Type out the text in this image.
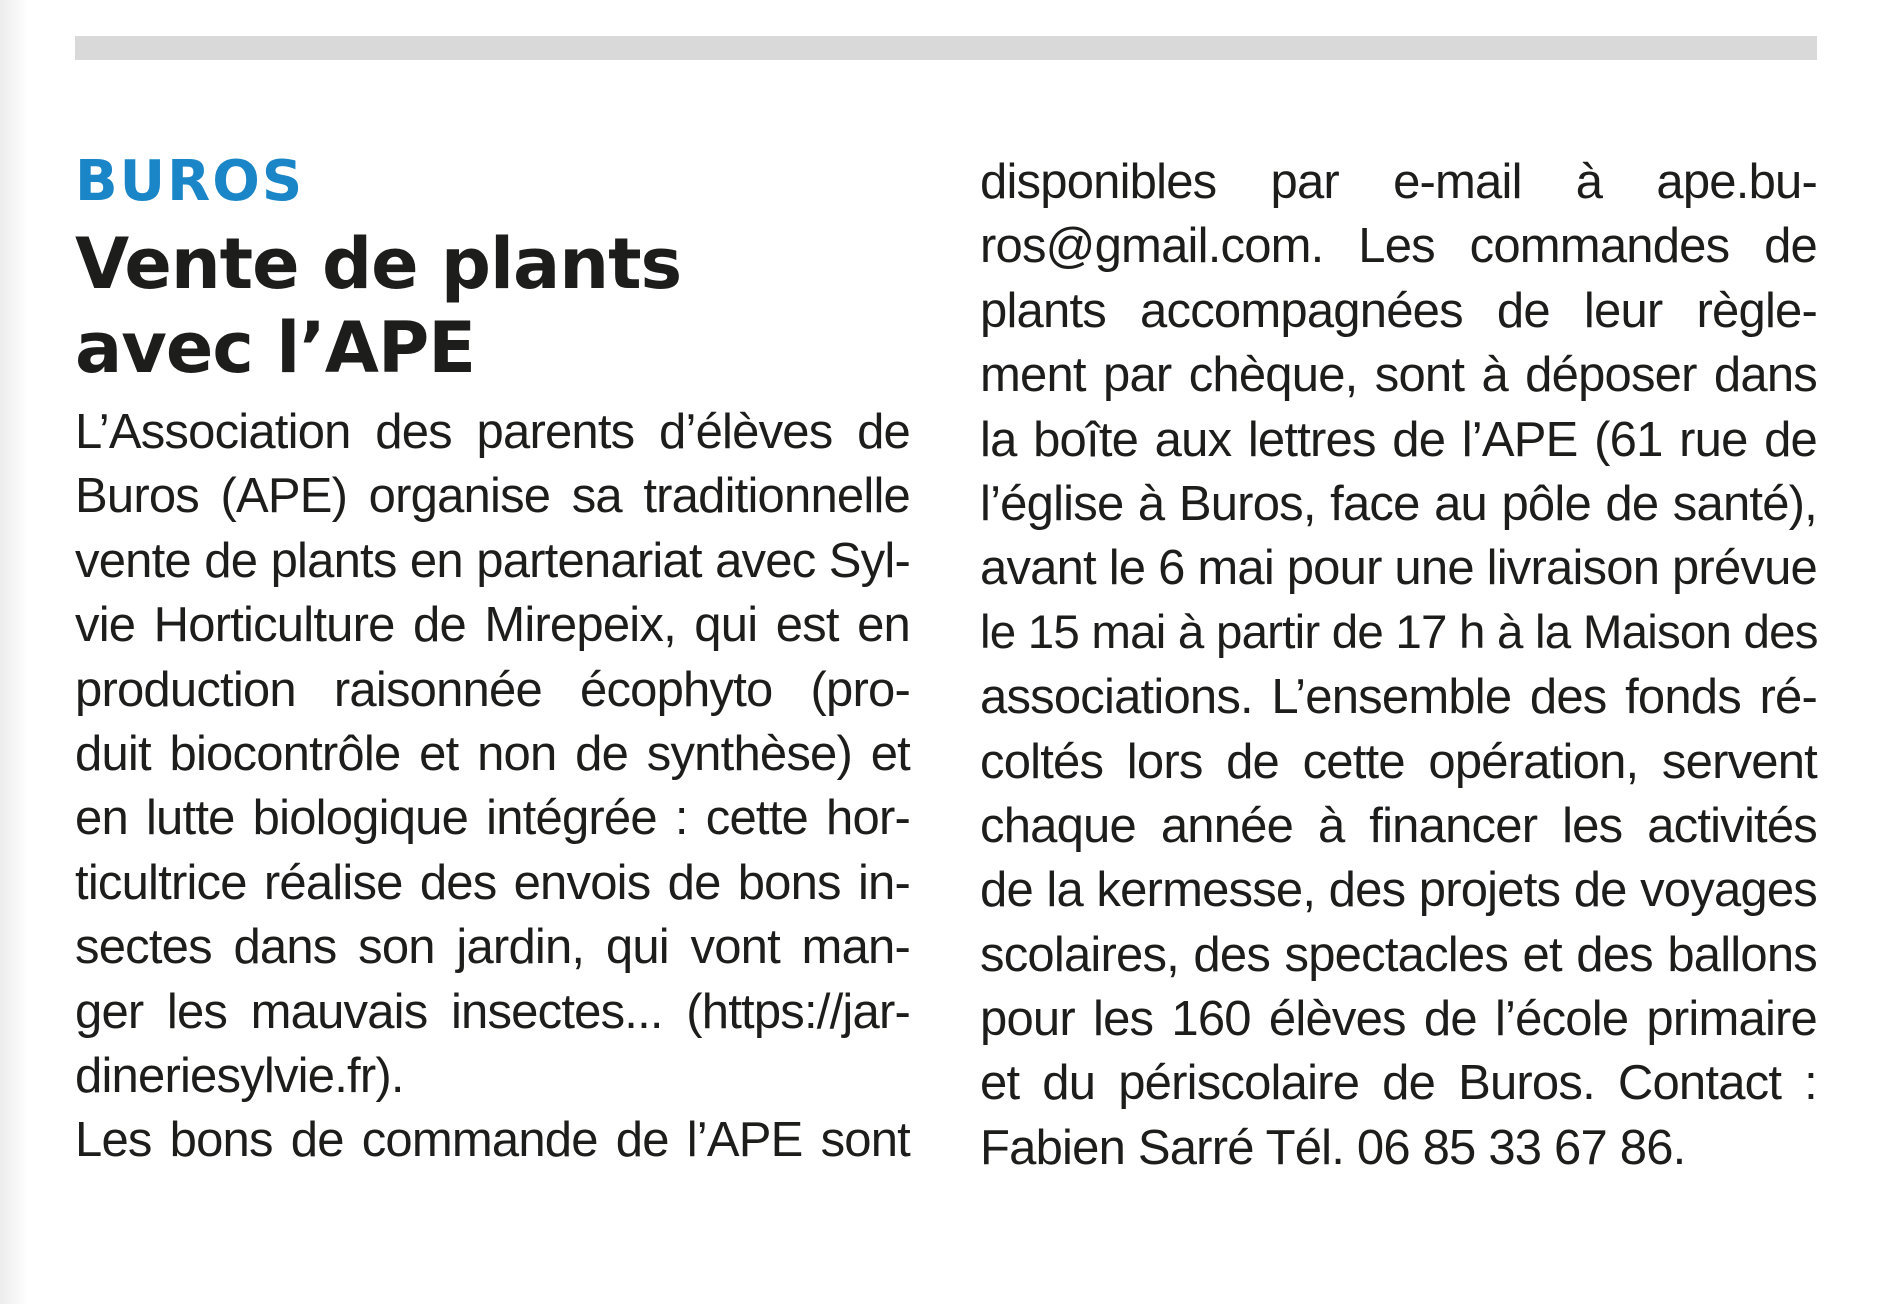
BUROS
Vente de plants
avec l’APE
L’Association des parents d’élèves de
Buros (APE) organise sa traditionnelle
vente de plants en partenariat avec Syl-
vie Horticulture de Mirepeix, qui est en
production raisonnée écophyto (pro-
duit biocontrôle et non de synthèse) et
en lutte biologique intégrée : cette hor-
ticultrice réalise des envois de bons in-
sectes dans son jardin, qui vont man-
ger les mauvais insectes... (https://jar-
dineriesylvie.fr).
Les bons de commande de l’APE sont
disponibles par e-mail à ape.bu-
ros@gmail.com. Les commandes de
plants accompagnées de leur règle-
ment par chèque, sont à déposer dans
la boîte aux lettres de l’APE (61 rue de
l’église à Buros, face au pôle de santé),
avant le 6 mai pour une livraison prévue
le 15 mai à partir de 17 h à la Maison des
associations. L’ensemble des fonds ré-
coltés lors de cette opération, servent
chaque année à financer les activités
de la kermesse, des projets de voyages
scolaires, des spectacles et des ballons
pour les 160 élèves de l’école primaire
et du périscolaire de Buros. Contact :
Fabien Sarré Tél. 06 85 33 67 86.
